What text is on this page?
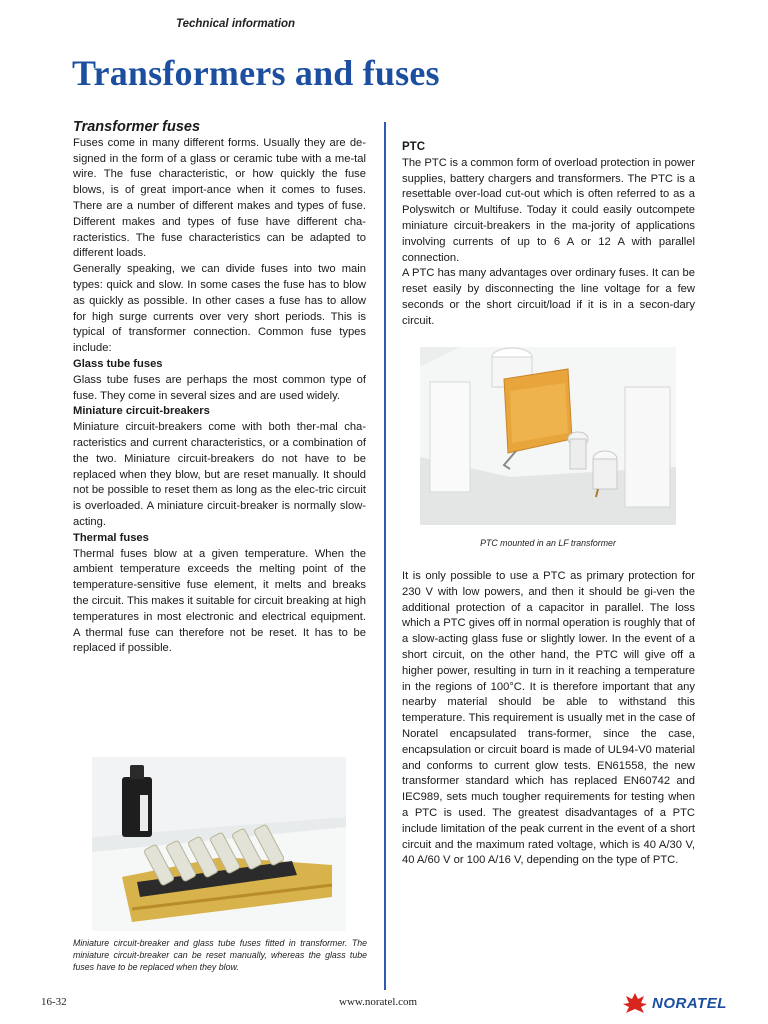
Technical information
Transformers and fuses

Transformer fuses

Fuses come in many different forms. Usually they are de-signed in the form of a glass or ceramic tube with a me-tal wire. The fuse characteristic, or how quickly the fuse blows, is of great import-ance when it comes to fuses. There are a number of different makes and types of fuse. Different makes and types of fuse have different cha-racteristics. The fuse characteristics can be adapted to different loads.

Generally speaking, we can divide fuses into two main types: quick and slow. In some cases the fuse has to blow as quickly as possible. In other cases a fuse has to allow for high surge currents over very short periods. This is typical of transformer connection. Common fuse types include:

Glass tube fuses

Glass tube fuses are perhaps the most common type of fuse. They come in several sizes and are used widely.

Miniature circuit-breakers

Miniature circuit-breakers come with both ther-mal cha-racteristics and current characteristics, or a combination of the two. Miniature circuit-breakers do not have to be replaced when they blow, but are reset manually. It should not be possible to reset them as long as the elec-tric circuit is overloaded. A miniature circuit-breaker is normally slow-acting.

Thermal fuses

Thermal fuses blow at a given temperature. When the ambient temperature exceeds the melting point of the temperature-sensitive fuse element, it melts and breaks the circuit. This makes it suitable for circuit breaking at high temperatures in most electronic and electrical equipment. A thermal fuse can therefore not be reset. It has to be replaced if possible.

PTC

The PTC is a common form of overload protection in power supplies, battery chargers and transformers. The PTC is a resettable over-load cut-out which is often referred to as a Polyswitch or Multifuse. Today it could easily outcompete miniature circuit-breakers in the ma-jority of applications involving currents of up to 6 A or 12 A with parallel connection.

A PTC has many advantages over ordinary fuses. It can be reset easily by disconnecting the line voltage for a few seconds or the short circuit/load if it is in a secon-dary circuit.

PTC mounted in an LF transformer

It is only possible to use a PTC as primary protection for 230 V with low powers, and then it should be gi-ven the additional protection of a capacitor in parallel. The loss which a PTC gives off in normal operation is roughly that of a slow-acting glass fuse or slightly lower. In the event of a short circuit, on the other hand, the PTC will give off a higher power, resulting in turn in it reaching a temperature in the regions of 100°C. It is therefore important that any nearby material should be able to withstand this temperature. This requirement is usually met in the case of Noratel encapsulated trans-former, since the case, encapsulation or circuit board is made of UL94-V0 material and conforms to current glow tests. EN61558, the new transformer standard which has replaced EN60742 and IEC989, sets much tougher requirements for testing when a PTC is used. The greatest disadvantages of a PTC include limitation of the peak current in the event of a short circuit and the maximum rated voltage, which is 40 A/30 V, 40 A/60 V or 100 A/16 V, depending on the type of PTC.

Miniature circuit-breaker and glass tube fuses fitted in transformer. The miniature circuit-breaker can be reset manually, whereas the glass tube fuses have to be replaced when they blow.
16-32	www.noratel.com	NORATEL
